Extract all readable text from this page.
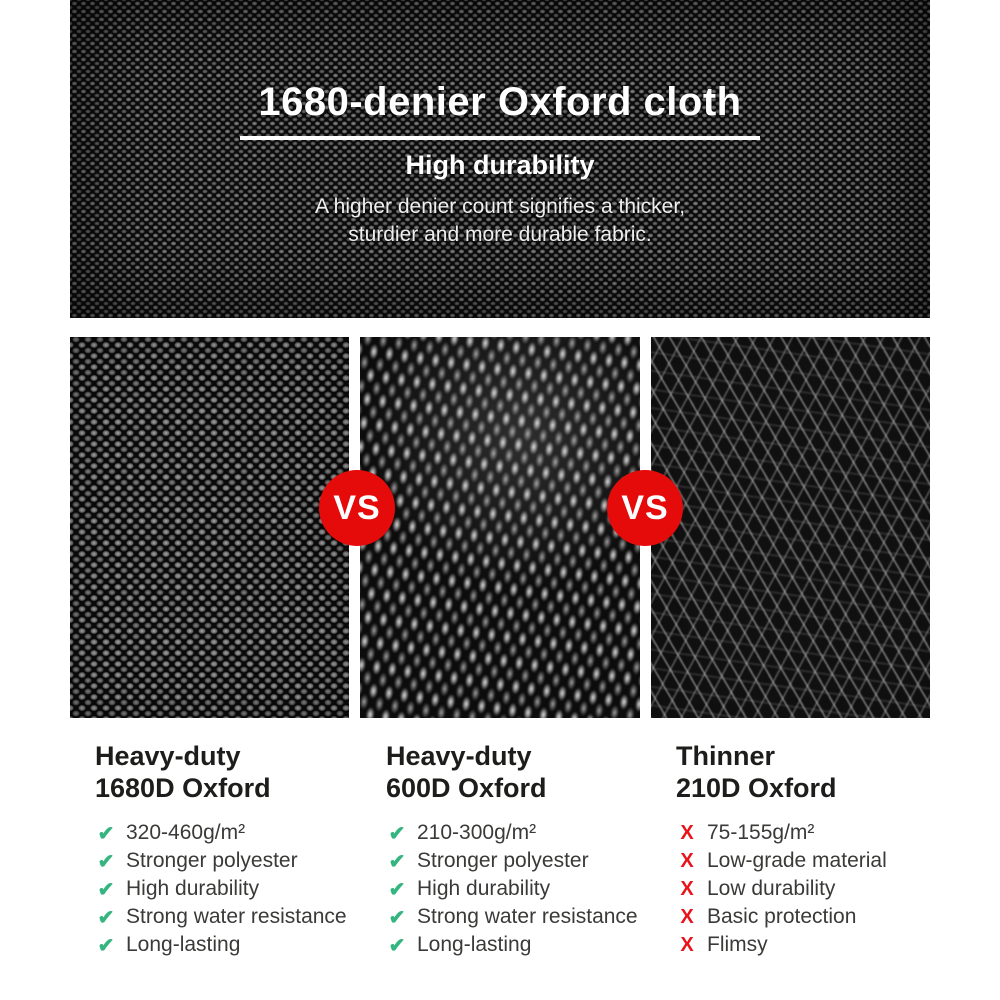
1680-denier Oxford cloth
High durability

A higher denier count signifies a thicker,
sturdier and more durable fabric.

VS	VS
Heavy-duty
1680D Oxford
✔ 320-460g/m²
✔ Stronger polyester
✔ High durability
✔ Strong water resistance
✔ Long-lasting
Heavy-duty
600D Oxford
✔ 210-300g/m²
✔ Stronger polyester
✔ High durability
✔ Strong water resistance
✔ Long-lasting
Thinner
210D Oxford
X 75-155g/m²
X Low-grade material
X Low durability
X Basic protection
X Flimsy
